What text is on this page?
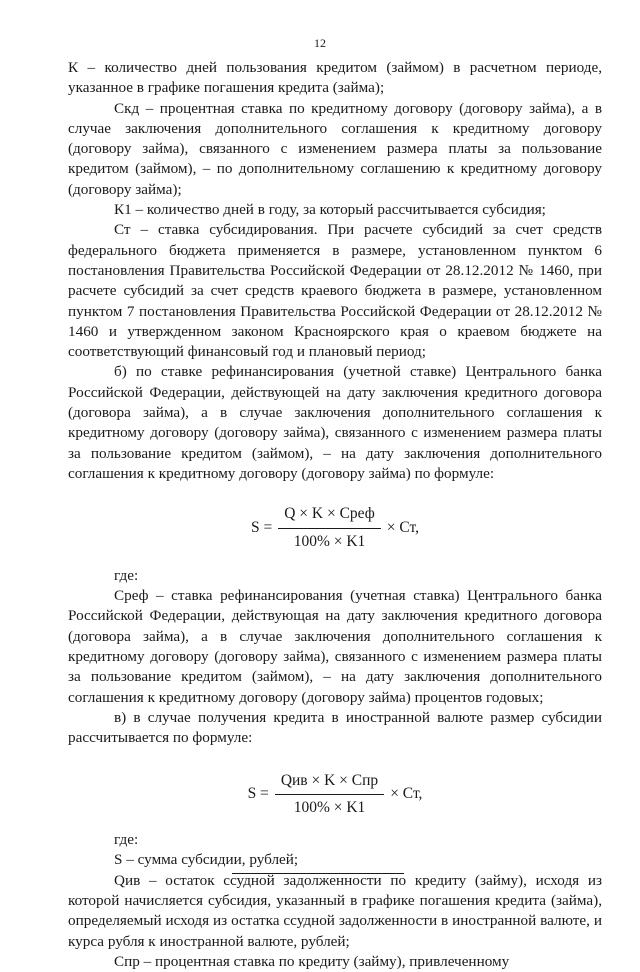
12

К – количество дней пользования кредитом (займом) в расчетном периоде, указанное в графике погашения кредита (займа);

Скд – процентная ставка по кредитному договору (договору займа), а в случае заключения дополнительного соглашения к кредитному договору (договору займа), связанного с изменением размера платы за пользование кредитом (займом), – по дополнительному соглашению к кредитному договору (договору займа);

К1 – количество дней в году, за который рассчитывается субсидия;

Ст – ставка субсидирования. При расчете субсидий за счет средств федерального бюджета применяется в размере, установленном пунктом 6 постановления Правительства Российской Федерации от 28.12.2012 № 1460, при расчете субсидий за счет средств краевого бюджета в размере, установленном пунктом 7 постановления Правительства Российской Федерации от 28.12.2012 № 1460 и утвержденном законом Красноярского края о краевом бюджете на соответствующий финансовый год и плановый период;

б) по ставке рефинансирования (учетной ставке) Центрального банка Российской Федерации, действующей на дату заключения кредитного договора (договора займа), а в случае заключения дополнительного соглашения к кредитному договору (договору займа), связанного с изменением размера платы за пользование кредитом (займом), – на дату заключения дополнительного соглашения к кредитному договору (договору займа) по формуле:

$S = \frac{\text{Q × K × Среф}}{100\% \times K1}$ × Ст,

где:

Среф – ставка рефинансирования (учетная ставка) Центрального банка Российской Федерации, действующая на дату заключения кредитного договора (договора займа), а в случае заключения дополнительного соглашения к кредитному договору (договору займа), связанного с изменением размера платы за пользование кредитом (займом), – на дату заключения дополнительного соглашения к кредитному договору (договору займа) процентов годовых;

в) в случае получения кредита в иностранной валюте размер субсидии рассчитывается по формуле:

$S = \frac{\text{Qив × K × Спр}}{100\% \times K1}$ × Ст,

где:

S – сумма субсидии, рублей;

Qив – остаток ссудной задолженности по кредиту (займу), исходя из которой начисляется субсидия, указанный в графике погашения кредита (займа), определяемый исходя из остатка ссудной задолженности в иностранной валюте, и курса рубля к иностранной валюте, рублей;

Спр – процентная ставка по кредиту (займу), привлеченному
